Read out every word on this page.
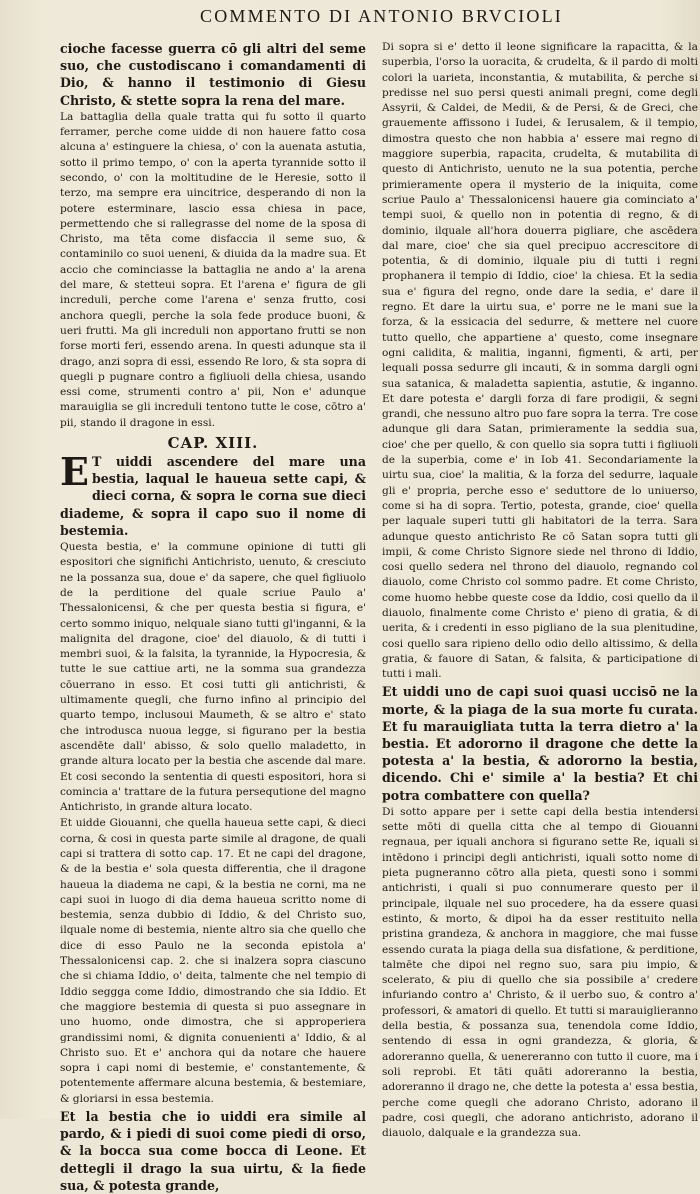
COMMENTO DI ANTONIO BRVCIOLI

cioche facesse guerra cō gli altri del seme suo, che custodiscano i comandamenti di Dio, & hanno il testimonio di Giesu Christo, & stette sopra la rena del mare.

La battaglia della quale tratta qui fu sotto il quarto ferramer, perche come uidde di non hauere fatto cosa alcuna a' estinguere la chiesa, o' con la auenata astutia, sotto il primo tempo, o' con la aperta tyrannide sotto il secondo, o' con la moltitudine de le Heresie, sotto il terzo, ma sempre era uincitrice, desperando di non la potere esterminare, lascio essa chiesa in pace, permettendo che si rallegrasse del nome de la sposa di Christo, ma tēta come disfaccia il seme suo, & contaminilo co suoi ueneni, & diuida da la madre sua. Et accio che cominciasse la battaglia ne ando a' la arena del mare, & stetteui sopra. Et l'arena e' figura de gli increduli, perche come l'arena e' senza frutto, cosi anchora quegli, perche la sola fede produce buoni, & ueri frutti. Ma gli increduli non apportano frutti se non forse morti feri, essendo arena. In questi adunque sta il drago, anzi sopra di essi, essendo Re loro, & sta sopra di quegli p pugnare contro a figliuoli della chiesa, usando essi come, strumenti contro a' pii, Non e' adunque marauiglia se gli increduli tentono tutte le cose, cōtro a' pii, stando il dragone in essi.

CAP. XIII.

E T uiddi ascendere del mare una bestia, laqual le haueua sette capi, & dieci corna, & sopra le corna sue dieci diademe, & sopra il capo suo il nome di bestemia.

Questa bestia, e' la commune opinione di tutti gli espositori che significhi Antichristo, uenuto, & cresciuto ne la possanza sua, doue e' da sapere, che quel figliuolo de la perditione del quale scriue Paulo a' Thessalonicensi, & che per questa bestia si figura, e' certo sommo iniquo, nelquale siano tutti gl'inganni, & la malignita del dragone, cioe' del diauolo, & di tutti i membri suoi, & la falsita, la tyrannide, la Hypocresia, & tutte le sue cattiue arti, ne la somma sua grandezza cōuerrano in esso. Et cosi tutti gli antichristi, & ultimamente quegli, che furno infino al principio del quarto tempo, inclusoui Maumeth, & se altro e' stato che introdusca nuoua legge, si figurano per la bestia ascendēte dall' abisso, & solo quello maladetto, in grande altura locato per la bestia che ascende dal mare. Et cosi secondo la sententia di questi espositori, hora si comincia a' trattare de la futura persequtione del magno Antichristo, in grande altura locato.

Et uidde Giouanni, che quella haueua sette capi, & dieci corna, & cosi in questa parte simile al dragone, de quali capi si trattera di sotto cap. 17. Et ne capi del dragone, & de la bestia e' sola questa differentia, che il dragone haueua la diadema ne capi, & la bestia ne corni, ma ne capi suoi in luogo di dia dema haueua scritto nome di bestemia, senza dubbio di Iddio, & del Christo suo, ilquale nome di bestemia, niente altro sia che quello che dice di esso Paulo ne la seconda epistola a' Thessalonicensi cap. 2. che si inalzera sopra ciascuno che si chiama Iddio, o' deita, talmente che nel tempio di Iddio seggga come Iddio, dimostrando che sia Iddio. Et che maggiore bestemia di questa si puo assegnare in uno huomo, onde dimostra, che si approperiera grandissimi nomi, & dignita conuenienti a' Iddio, & al Christo suo. Et e' anchora qui da notare che hauere sopra i capi nomi di bestemie, e' constantemente, & potentemente affermare alcuna bestemia, & bestemiare, & gloriarsi in essa bestemia.

Et la bestia che io uiddi era simile al pardo, & i piedi di suoi come piedi di orso, & la bocca sua come bocca di Leone. Et dettegli il drago la sua uirtu, & la fiede sua, & potesta grande,

Di sopra si e' detto il leone significare la rapacitta, & la superbia, l'orso la uoracita, & crudelta, & il pardo di molti colori la uarieta, inconstantia, & mutabilita, & perche si predisse nel suo persi questi animali pregni, come degli Assyrii, & Caldei, de Medii, & de Persi, & de Greci, che grauemente affissono i Iudei, & Ierusalem, & il tempio, dimostra questo che non habbia a' essere mai regno di maggiore superbia, rapacita, crudelta, & mutabilita di questo di Antichristo, uenuto ne la sua potentia, perche primieramente opera il mysterio de la iniquita, come scriue Paulo a' Thessalonicensi hauere gia cominciato a' tempi suoi, & quello non in potentia di regno, & di dominio, ilquale all'hora douerra pigliare, che ascēdera dal mare, cioe' che sia quel precipuo accrescitore di potentia, & di dominio, ilquale piu di tutti i regni prophanera il tempio di Iddio, cioe' la chiesa. Et la sedia sua e' figura del regno, onde dare la sedia, e' dare il regno. Et dare la uirtu sua, e' porre ne le mani sue la forza, & la essicacia del sedurre, & mettere nel cuore tutto quello, che appartiene a' questo, come insegnare ogni calidita, & malitia, inganni, figmenti, & arti, per lequali possa sedurre gli incauti, & in somma dargli ogni sua satanica, & maladetta sapientia, astutie, & inganno. Et dare potesta e' dargli forza di fare prodigii, & segni grandi, che nessuno altro puo fare sopra la terra. Tre cose adunque gli dara Satan, primieramente la seddia sua, cioe' che per quello, & con quello sia sopra tutti i figliuoli de la superbia, come e' in Iob 41. Secondariamente la uirtu sua, cioe' la malitia, & la forza del sedurre, laquale gli e' propria, perche esso e' seduttore de lo uniuerso, come si ha di sopra. Tertio, potesta, grande, cioe' quella per laquale superi tutti gli habitatori de la terra. Sara adunque questo antichristo Re cō Satan sopra tutti gli impii, & come Christo Signore siede nel throno di Iddio, cosi quello sedera nel throno del diauolo, regnando col diauolo, come Christo col sommo padre. Et come Christo, come huomo hebbe queste cose da Iddio, cosi quello da il diauolo, finalmente come Christo e' pieno di gratia, & di uerita, & i credenti in esso pigliano de la sua plenitudine, cosi quello sara ripieno dello odio dello altissimo, & della gratia, & fauore di Satan, & falsita, & participatione di tutti i mali.

Et uiddi uno de capi suoi quasi uccisō ne la morte, & la piaga de la sua morte fu curata. Et fu marauigliata tutta la terra dietro a' la bestia. Et adororno il dragone che dette la potesta a' la bestia, & adororno la bestia, dicendo. Chi e' simile a' la bestia? Et chi potra combattere con quella?

Di sotto appare per i sette capi della bestia intendersi sette mōti di quella citta che al tempo di Giouanni regnaua, per iquali anchora si figurano sette Re, iquali si intēdono i principi degli antichristi, iquali sotto nome di pieta pugneranno cōtro alla pieta, questi sono i sommi antichristi, i quali si puo connumerare questo per il principale, ilquale nel suo procedere, ha da essere quasi estinto, & morto, & dipoi ha da esser restituito nella pristina grandeza, & anchora in maggiore, che mai fusse essendo curata la piaga della sua disfatione, & perditione, talmēte che dipoi nel regno suo, sara piu impio, & scelerato, & piu di quello che sia possibile a' credere infuriando contro a' Christo, & il uerbo suo, & contro a' professori, & amatori di quello. Et tutti si marauiglieranno della bestia, & possanza sua, tenendola come Iddio, sentendo di essa in ogni grandezza, & gloria, & adoreranno quella, & uenereranno con tutto il cuore, ma i soli reprobi. Et tāti quāti adoreranno la bestia, adoreranno il drago ne, che dette la potesta a' essa bestia, perche come quegli che adorano Christo, adorano il padre, cosi quegli, che adorano antichristo, adorano il diauolo, dalquale e la grandezza sua.
